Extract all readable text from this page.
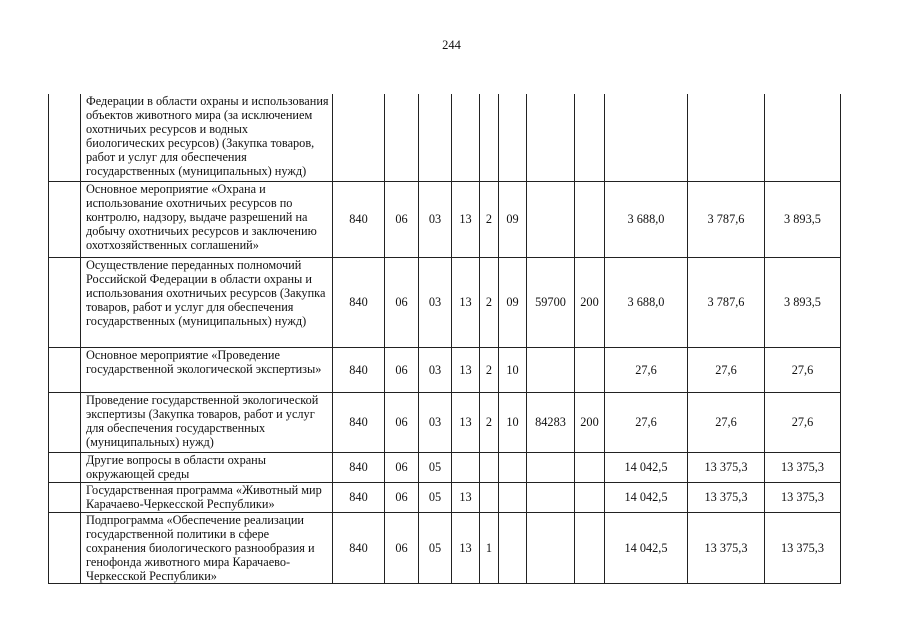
244
	Федерации в области охраны и использования объектов животного мира (за исключением охотничьих ресурсов и водных биологических ресурсов) (Закупка товаров, работ и услуг для обеспечения государственных (муниципальных) нужд)											
	Основное мероприятие «Охрана и использование охотничьих ресурсов по контролю, надзору, выдаче разрешений на добычу охотничьих ресурсов и заключению охотхозяйственных соглашений»	840	06	03	13	2	09			3 688,0	3 787,6	3 893,5
	Осуществление переданных полномочий Российской Федерации в области охраны и использования охотничьих ресурсов (Закупка товаров, работ и услуг для обеспечения государственных (муниципальных) нужд)	840	06	03	13	2	09	59700	200	3 688,0	3 787,6	3 893,5
	Основное мероприятие «Проведение государственной экологической экспертизы»	840	06	03	13	2	10			27,6	27,6	27,6
	Проведение государственной экологической экспертизы (Закупка товаров, работ и услуг для обеспечения государственных (муниципальных) нужд)	840	06	03	13	2	10	84283	200	27,6	27,6	27,6
	Другие вопросы в области охраны окружающей среды	840	06	05						14 042,5	13 375,3	13 375,3
	Государственная программа «Животный мир Карачаево-Черкесской Республики»	840	06	05	13					14 042,5	13 375,3	13 375,3
	Подпрограмма «Обеспечение реализации государственной политики в сфере сохранения биологического разнообразия и генофонда животного мира Карачаево-Черкесской Республики»	840	06	05	13	1				14 042,5	13 375,3	13 375,3
